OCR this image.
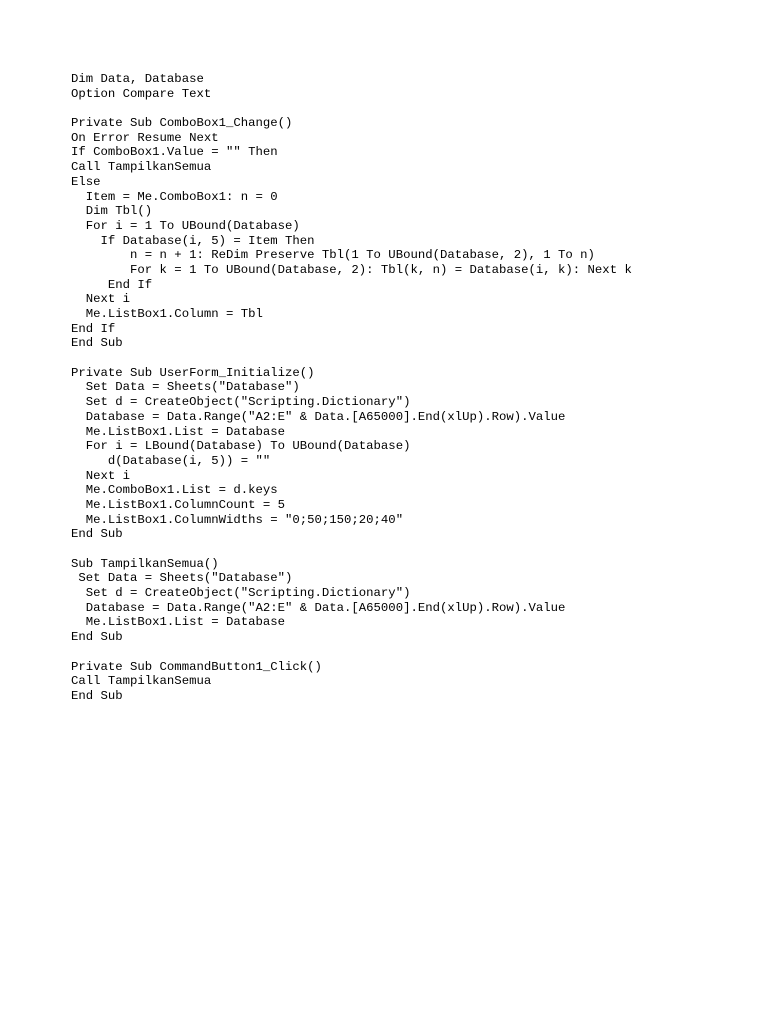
Dim Data, Database
Option Compare Text
Private Sub ComboBox1_Change()
On Error Resume Next
If ComboBox1.Value = "" Then
Call TampilkanSemua
Else
Item = Me.ComboBox1: n = 0
Dim Tbl()
For i = 1 To UBound(Database)
If Database(i, 5) = Item Then
n = n + 1: ReDim Preserve Tbl(1 To UBound(Database, 2), 1 To n)
For k = 1 To UBound(Database, 2): Tbl(k, n) = Database(i, k): Next k
End If
Next i
Me.ListBox1.Column = Tbl
End If
End Sub
Private Sub UserForm_Initialize()
Set Data = Sheets("Database")
Set d = CreateObject("Scripting.Dictionary")
Database = Data.Range("A2:E" & Data.[A65000].End(xlUp).Row).Value
Me.ListBox1.List = Database
For i = LBound(Database) To UBound(Database)
d(Database(i, 5)) = ""
Next i
Me.ComboBox1.List = d.keys
Me.ListBox1.ColumnCount = 5
Me.ListBox1.ColumnWidths = "0;50;150;20;40"
End Sub
Sub TampilkanSemua()
Set Data = Sheets("Database")
Set d = CreateObject("Scripting.Dictionary")
Database = Data.Range("A2:E" & Data.[A65000].End(xlUp).Row).Value
Me.ListBox1.List = Database
End Sub
Private Sub CommandButton1_Click()
Call TampilkanSemua
End Sub
